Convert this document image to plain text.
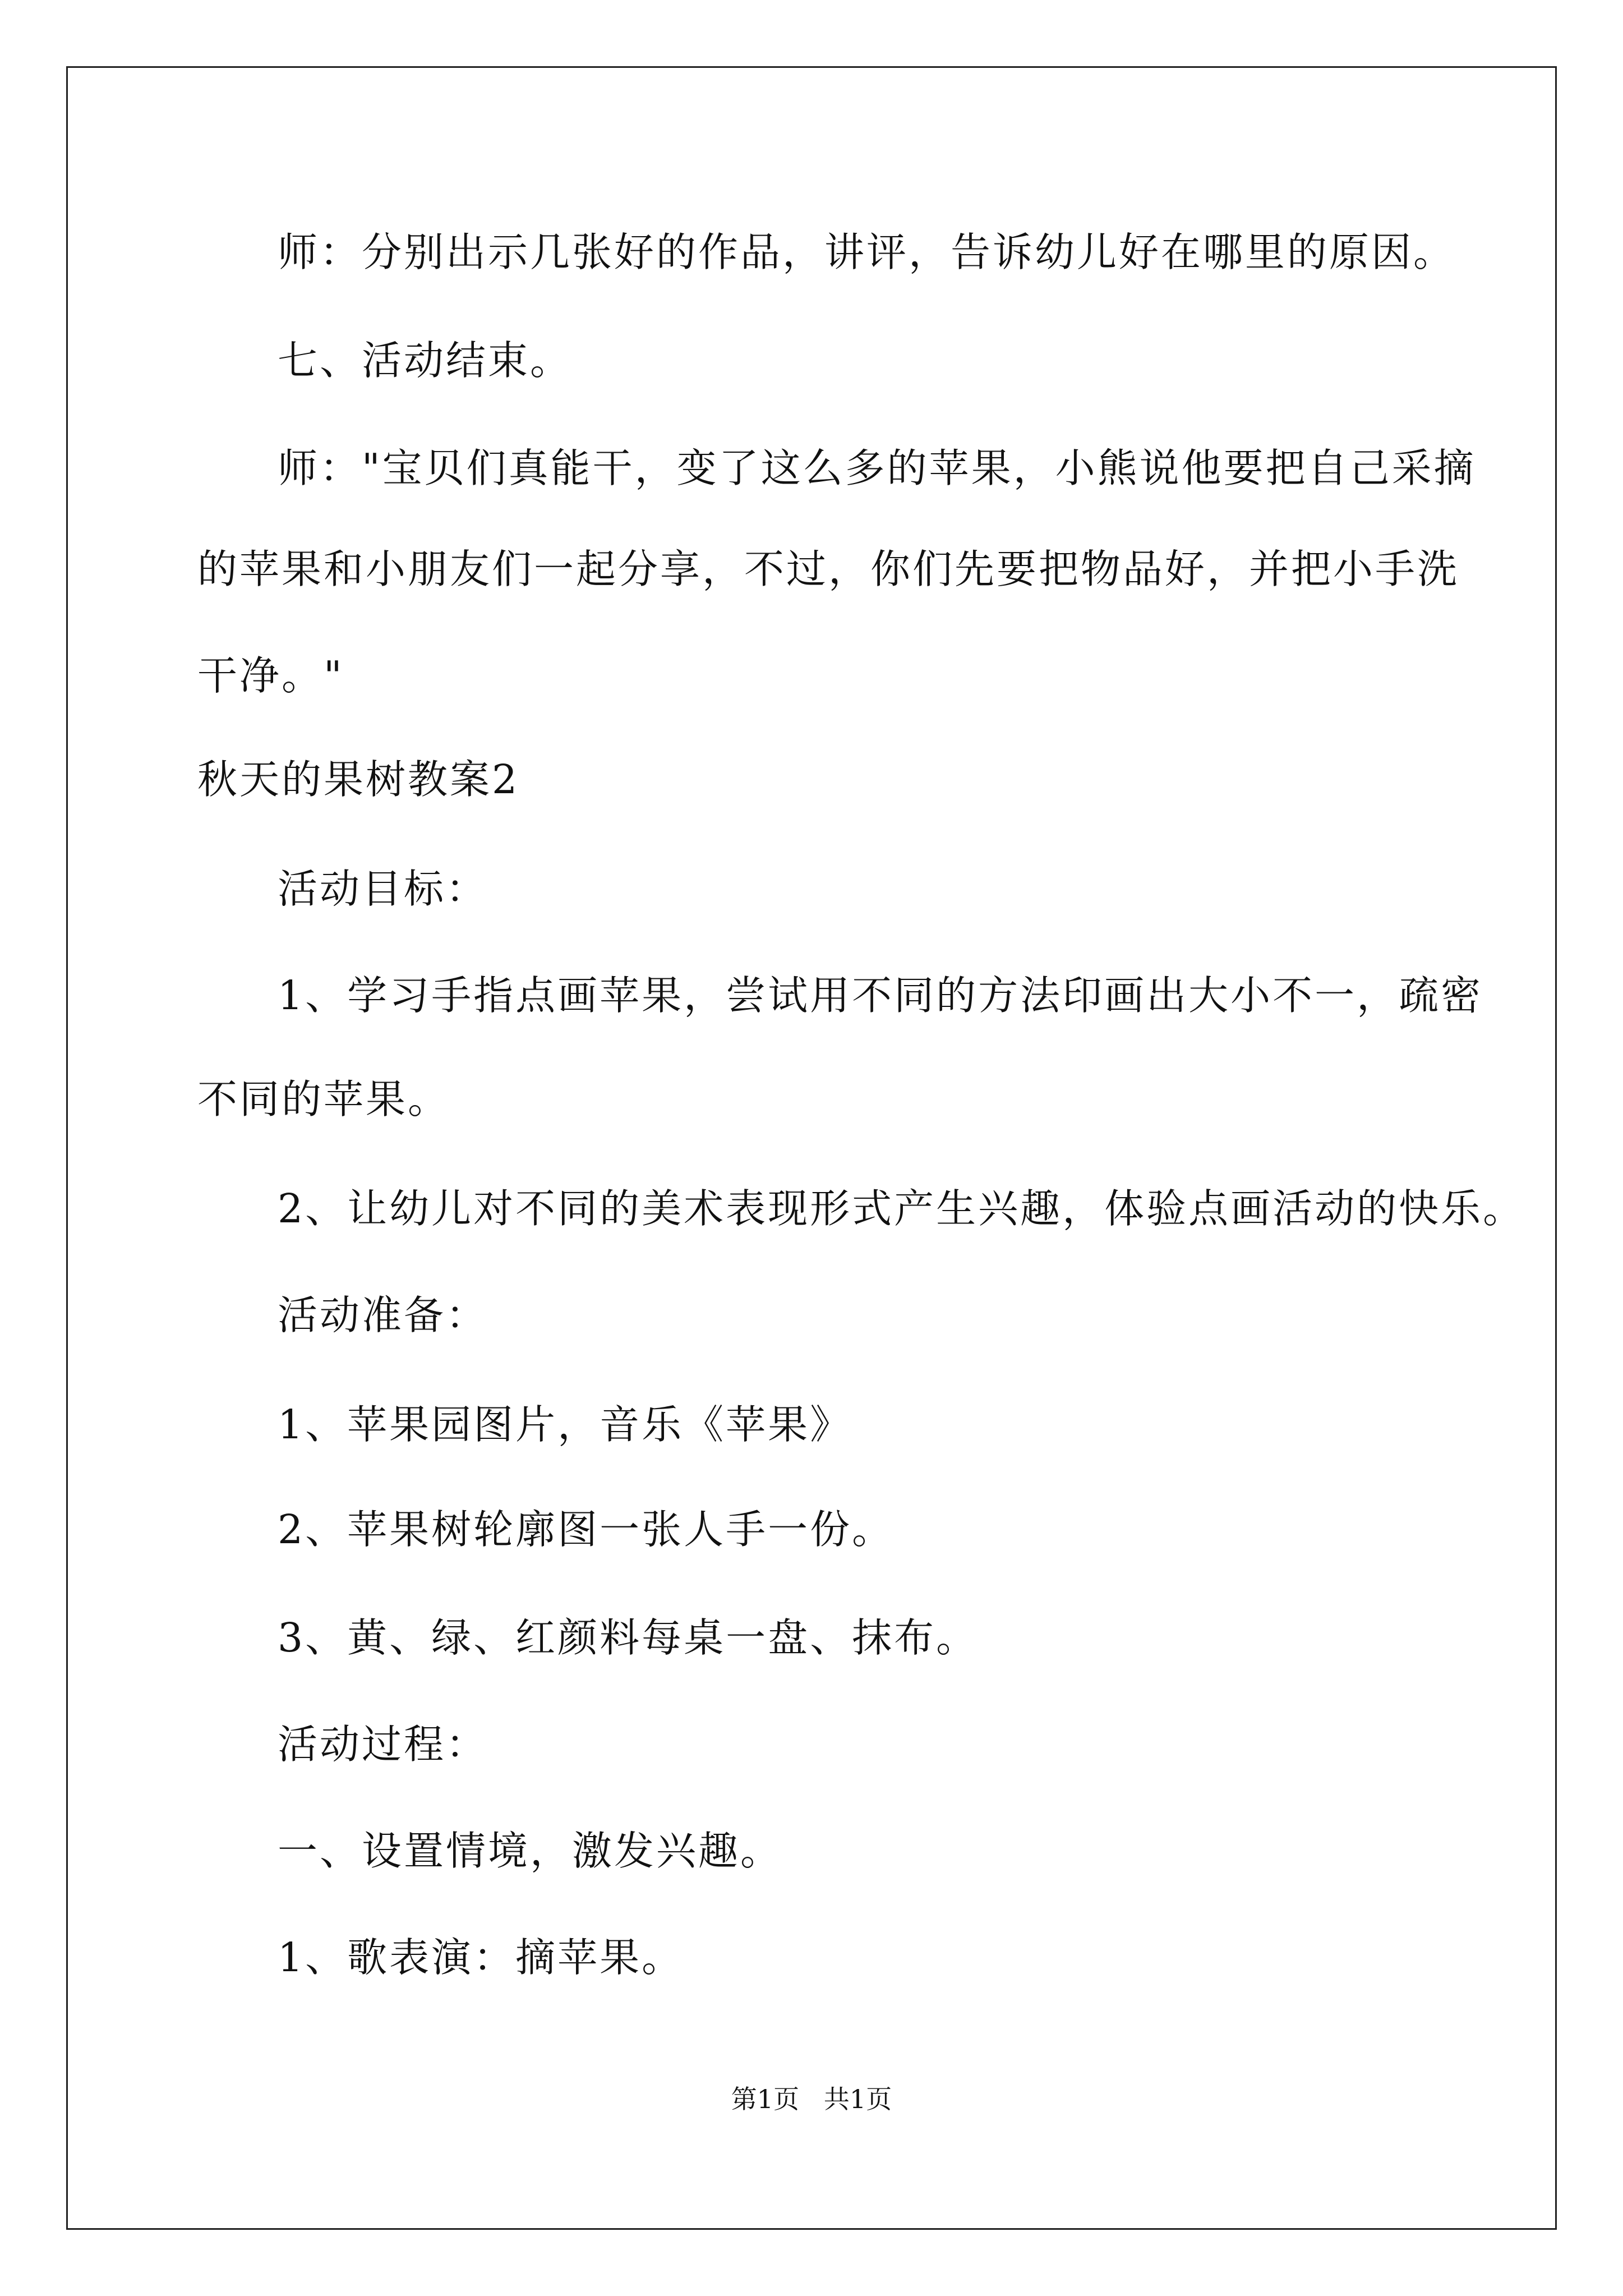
师：分别出示几张好的作品，讲评，告诉幼儿好在哪里的原因。
七、活动结束。
师："宝贝们真能干，变了这么多的苹果，小熊说他要把自己采摘
的苹果和小朋友们一起分享，不过，你们先要把物品好，并把小手洗
干净。"
秋天的果树教案2
活动目标：
1、学习手指点画苹果，尝试用不同的方法印画出大小不一，疏密
不同的苹果。
2、让幼儿对不同的美术表现形式产生兴趣，体验点画活动的快乐。
活动准备：
1、苹果园图片，音乐《苹果》
2、苹果树轮廓图一张人手一份。
3、黄、绿、红颜料每桌一盘、抹布。
活动过程：
一、设置情境，激发兴趣。
1、歌表演：摘苹果。
第1页   共1页
